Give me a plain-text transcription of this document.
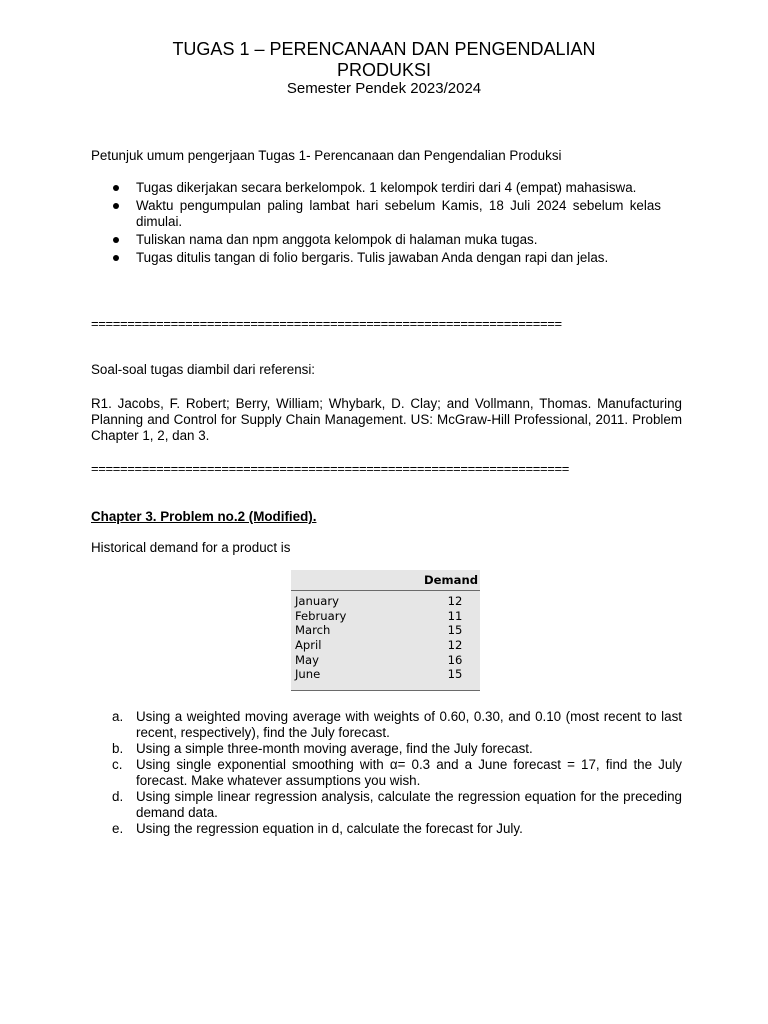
TUGAS 1 – PERENCANAAN DAN PENGENDALIAN
PRODUKSI
Semester Pendek 2023/2024
Petunjuk umum pengerjaan Tugas 1- Perencanaan dan Pengendalian Produksi
Tugas dikerjakan secara berkelompok. 1 kelompok terdiri dari 4 (empat) mahasiswa.
Waktu pengumpulan paling lambat hari sebelum Kamis, 18 Juli 2024 sebelum kelas dimulai.
Tuliskan nama dan npm anggota kelompok di halaman muka tugas.
Tugas ditulis tangan di folio bergaris. Tulis jawaban Anda dengan rapi dan jelas.
=================================================================
Soal-soal tugas diambil dari referensi:
R1. Jacobs, F. Robert; Berry, William; Whybark, D. Clay; and Vollmann, Thomas. Manufacturing Planning and Control for Supply Chain Management. US: McGraw-Hill Professional, 2011. Problem Chapter 1, 2, dan 3.
==================================================================
Chapter 3. Problem no.2 (Modified).
Historical demand for a product is
Demand
January	12
February	11
March	15
April	12
May	16
June	15
a. Using a weighted moving average with weights of 0.60, 0.30, and 0.10 (most recent to last recent, respectively), find the July forecast.
b. Using a simple three-month moving average, find the July forecast.
c. Using single exponential smoothing with α= 0.3 and a June forecast = 17, find the July forecast. Make whatever assumptions you wish.
d. Using simple linear regression analysis, calculate the regression equation for the preceding demand data.
e. Using the regression equation in d, calculate the forecast for July.
